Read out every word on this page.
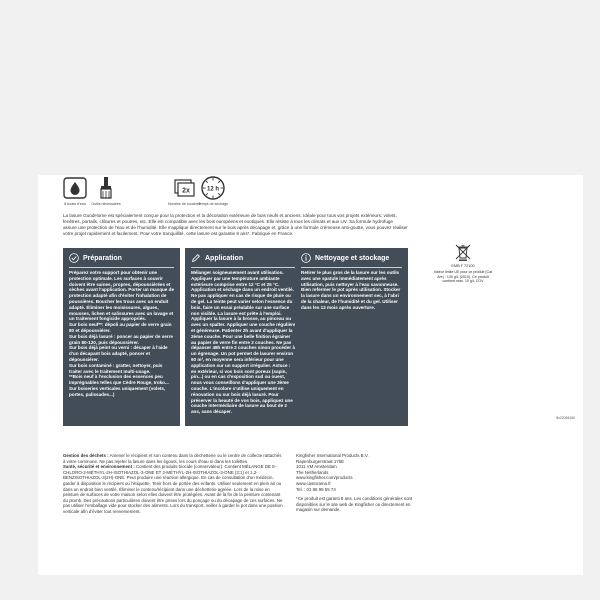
8 boats d'eau	Outils nécessaires
2x
Nombre de couches
12 h
Temps de séchage
La lasure GoodHome est spécialement conçue pour la protection et la décoration extérieure de bois neufs et anciens. Idéale pour tous vos projets extérieurs: volets, fenêtres, portails, clôtures et poutres, etc. Elle est compatible avec les bois européens et exotiques. Elle résiste à tous les climats et aux UV. Sa formule hydrofuge assure une protection de l'eau et de l'humidité. Elle s'applique directement sur le bois après décapage et, grâce à une formule crémeuse anti-goutte, vous pouvez réaliser votre projet rapidement et facilement. Pour votre tranquillité, cette lasure est garantie 8 ans*. Fabriqué en France.
Préparation
Préparez votre support pour obtenir une protection optimale. Les surfaces à couvrir doivent être saines, propres, dépoussiérées et sèches avant l'application. Porter un masque de protection adapté afin d'éviter l'inhalation de poussières. Boucher les trous avec un enduit adapté. Éliminer les moisissures, algues, mousses, lichen et salissures avec un lavage et un traitement fongicide appropriés.
Sur bois neuf**: dépoli au papier de verre grain 80 et dépoussiérer.
Sur bois déjà lasuré : poncer au papier de verre grain 80-120, puis dépoussiérer.
Sur bois déjà peint ou verni : décaper à l'aide d'un décapant bois adapté, poncer et dépoussiérer.
Sur bois contaminé : gratter, nettoyer, puis traiter avec le traitement multi-usage.
**Bois neuf à l'exclusion des essences peu imprégnables telles que Cèdre Rouge, Iroko... Sur boiseries verticales uniquement (volets, portes, palissades...)
Application
Mélanger soigneusement avant utilisation. Appliquer par une température ambiante extérieure comprise entre 12 °C et 25 °C. Application et séchage dans un endroit ventilé. Ne pas appliquer en cas de risque de pluie ou de gel. La teinte peut varier selon l'essence du bois, faire un essai préalable sur une surface non visible. La lasure est prête à l'emploi. Appliquer la lasure à la brosse, au pinceau ou avec un spalter. Appliquer une couche régulière et généreuse. Patienter 2h avant d'appliquer la 2ème couche. Pour une belle finition égrainer au papier de verre fin entre 2 couches. Ne pas dépasser 48h entre 2 couches sinon procéder à un égrenage. Un pot permet de lasurer environ 60 m², en moyenne sera inférieur pour une application sur un support irrégulier. Astuce : en extérieur, si vos bois sont poreux (sapin, pin...) ou en cas d'exposition sud ou ouest, nous vous conseillons d'appliquer une 3ème couche. L'incolore s'utilise uniquement en rénovation ou sur bois déjà lasuré. Pour préserver la beauté de vos bois, appliquez une couche intermédiaire de lasure au bout de 2 ans, sans décaper.
Nettoyage et stockage
Retirer le plus gros de la lasure sur les outils avec une spatule immédiatement après utilisation, puis nettoyer à l'eau savonneuse. Bien refermer le pot après utilisation. Stocker la lasure dans un environnement sec, à l'abri de la chaleur, de l'humidité et du gel. Utiliser dans les 12 mois après ouverture.
EMB F 72100
Valeur limite UE pour ce produit (Cat A/e) : 130 g/L (2010). Ce produit contient max. 15 g/L COV
8x22084160
Gestion des déchets : Amener le récipient et son contenu dans la déchetterie ou le centre de collecte rattachés à votre commune. Ne pas rejeter la lasure dans les égouts, les cours d'eau ni dans les toilettes.
Santé, sécurité et environnement : Contient des produits biocide (conservateur). Contient MÉLANGE DE 5-CHLORO-2-MÉTHYL-2H-ISOTHIAZOL-3-ONE ET 2-MÉTHYL-2H-ISOTHIAZOL-3-ONE (3:1) et 1,2-BENZISOTHIAZOL-3(2H)-ONE. Peut produire une réaction allergique. En cas de consultation d'un médecin, garder à disposition le récipient ou l'étiquette. Tenir hors de portée des enfants. Utiliser seulement en plein air ou dans un endroit bien ventilé. Éliminer le contenu/récipient dans une déchetterie agréée. Lors de la mise en peinture de surfaces de votre maison selon elles doivent être protégées. Avant de la fin de la peinture contenant du plomb. Des précautions particulières doivent être prises lors du ponçage ou du décapage de ces surfaces. Ne pas utiliser l'emballage vide pour stocker des aliments. Lors du transport, veiller à garder le pot dans une position verticale afin d'éviter tout renversement.
Kingfisher International Products B.V.
Rapenburgerstraat 175E
1011 VM Amsterdam
The Netherlands
www.kingfisher.com/products
www.castorama.fr
Tel. : 01 86 99 55 74
*Ce produit est garanti 8 ans. Les conditions générales sont disponibles sur le site web de Kingfisher ou directement en magasin sur demande.
